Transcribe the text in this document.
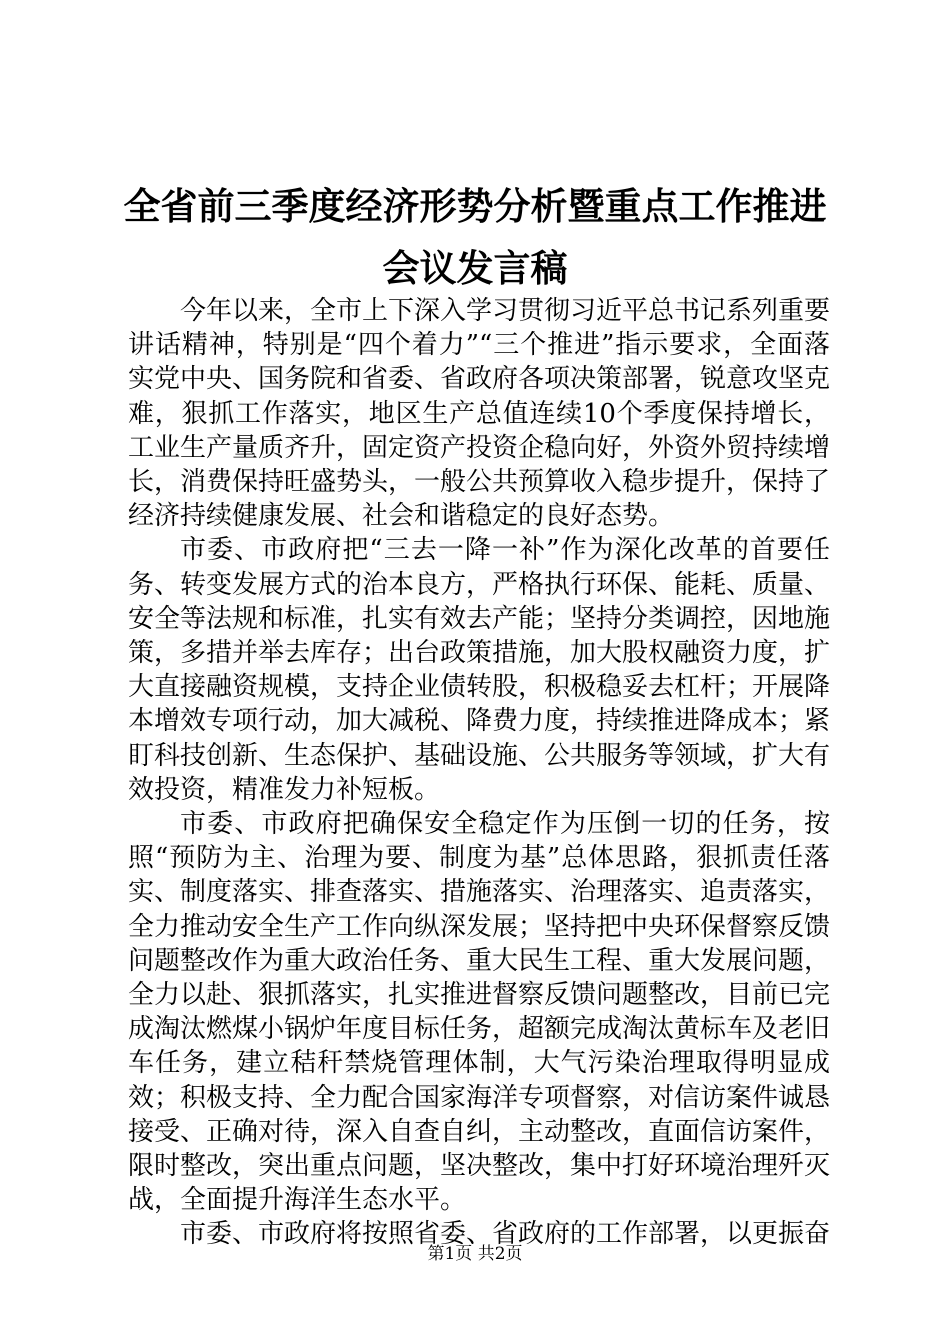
全省前三季度经济形势分析暨重点工作推进会议发言稿

今年以来，全市上下深入学习贯彻习近平总书记系列重要讲话精神，特别是“四个着力”“三个推进”指示要求，全面落实党中央、国务院和省委、省政府各项决策部署，锐意攻坚克难，狠抓工作落实，地区生产总值连续10个季度保持增长，工业生产量质齐升，固定资产投资企稳向好，外资外贸持续增长，消费保持旺盛势头，一般公共预算收入稳步提升，保持了经济持续健康发展、社会和谐稳定的良好态势。

市委、市政府把“三去一降一补”作为深化改革的首要任务、转变发展方式的治本良方，严格执行环保、能耗、质量、安全等法规和标准，扎实有效去产能；坚持分类调控，因地施策，多措并举去库存；出台政策措施，加大股权融资力度，扩大直接融资规模，支持企业债转股，积极稳妥去杠杆；开展降本增效专项行动，加大减税、降费力度，持续推进降成本；紧盯科技创新、生态保护、基础设施、公共服务等领域，扩大有效投资，精准发力补短板。

市委、市政府把确保安全稳定作为压倒一切的任务，按照“预防为主、治理为要、制度为基”总体思路，狠抓责任落实、制度落实、排查落实、措施落实、治理落实、追责落实，全力推动安全生产工作向纵深发展；坚持把中央环保督察反馈问题整改作为重大政治任务、重大民生工程、重大发展问题，全力以赴、狠抓落实，扎实推进督察反馈问题整改，目前已完成淘汰燃煤小锅炉年度目标任务，超额完成淘汰黄标车及老旧车任务，建立秸秆禁烧管理体制，大气污染治理取得明显成效；积极支持、全力配合国家海洋专项督察，对信访案件诚恳接受、正确对待，深入自查自纠，主动整改，直面信访案件，限时整改，突出重点问题，坚决整改，集中打好环境治理歼灭战，全面提升海洋生态水平。

市委、市政府将按照省委、省政府的工作部署，以更振奋

第1页 共2页
